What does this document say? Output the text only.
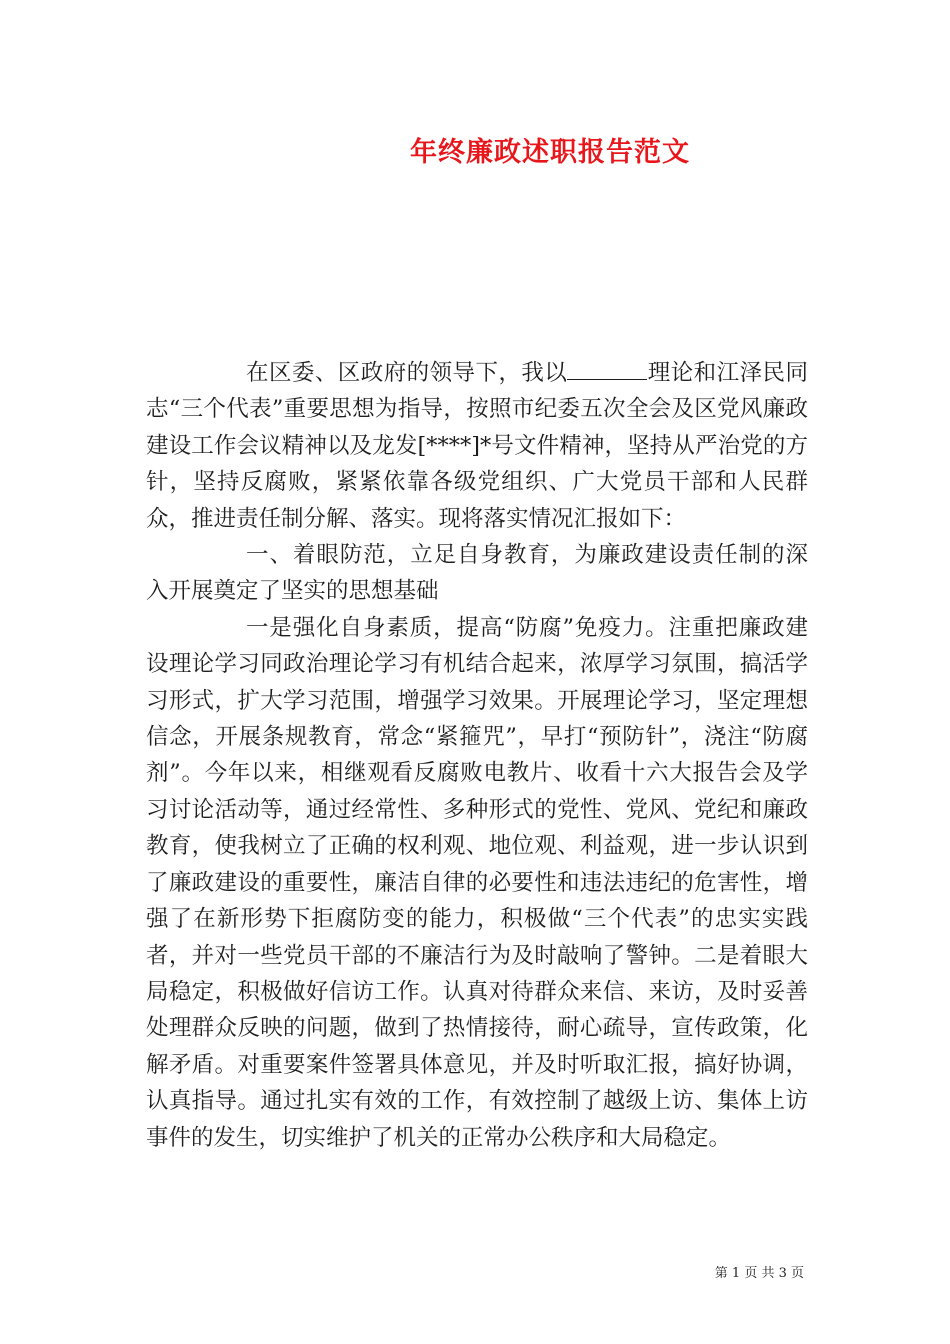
年终廉政述职报告范文

在区委、区政府的领导下，我以	理论和江泽民同志“三个代表”重要思想为指导，按照市纪委五次全会及区党风廉政建设工作会议精神以及龙发[****]*号文件精神，坚持从严治党的方针，坚持反腐败，紧紧依靠各级党组织、广大党员干部和人民群众，推进责任制分解、落实。现将落实情况汇报如下：

一、着眼防范，立足自身教育，为廉政建设责任制的深入开展奠定了坚实的思想基础

一是强化自身素质，提高“防腐”免疫力。注重把廉政建设理论学习同政治理论学习有机结合起来，浓厚学习氛围，搞活学习形式，扩大学习范围，增强学习效果。开展理论学习，坚定理想信念，开展条规教育，常念“紧箍咒”，早打“预防针”，浇注“防腐剂”。今年以来，相继观看反腐败电教片、收看十六大报告会及学习讨论活动等，通过经常性、多种形式的党性、党风、党纪和廉政教育，使我树立了正确的权利观、地位观、利益观，进一步认识到了廉政建设的重要性，廉洁自律的必要性和违法违纪的危害性，增强了在新形势下拒腐防变的能力，积极做“三个代表”的忠实实践者，并对一些党员干部的不廉洁行为及时敲响了警钟。二是着眼大局稳定，积极做好信访工作。认真对待群众来信、来访，及时妥善处理群众反映的问题，做到了热情接待，耐心疏导，宣传政策，化解矛盾。对重要案件签署具体意见，并及时听取汇报，搞好协调，认真指导。通过扎实有效的工作，有效控制了越级上访、集体上访事件的发生，切实维护了机关的正常办公秩序和大局稳定。

第 1 页 共 3 页
